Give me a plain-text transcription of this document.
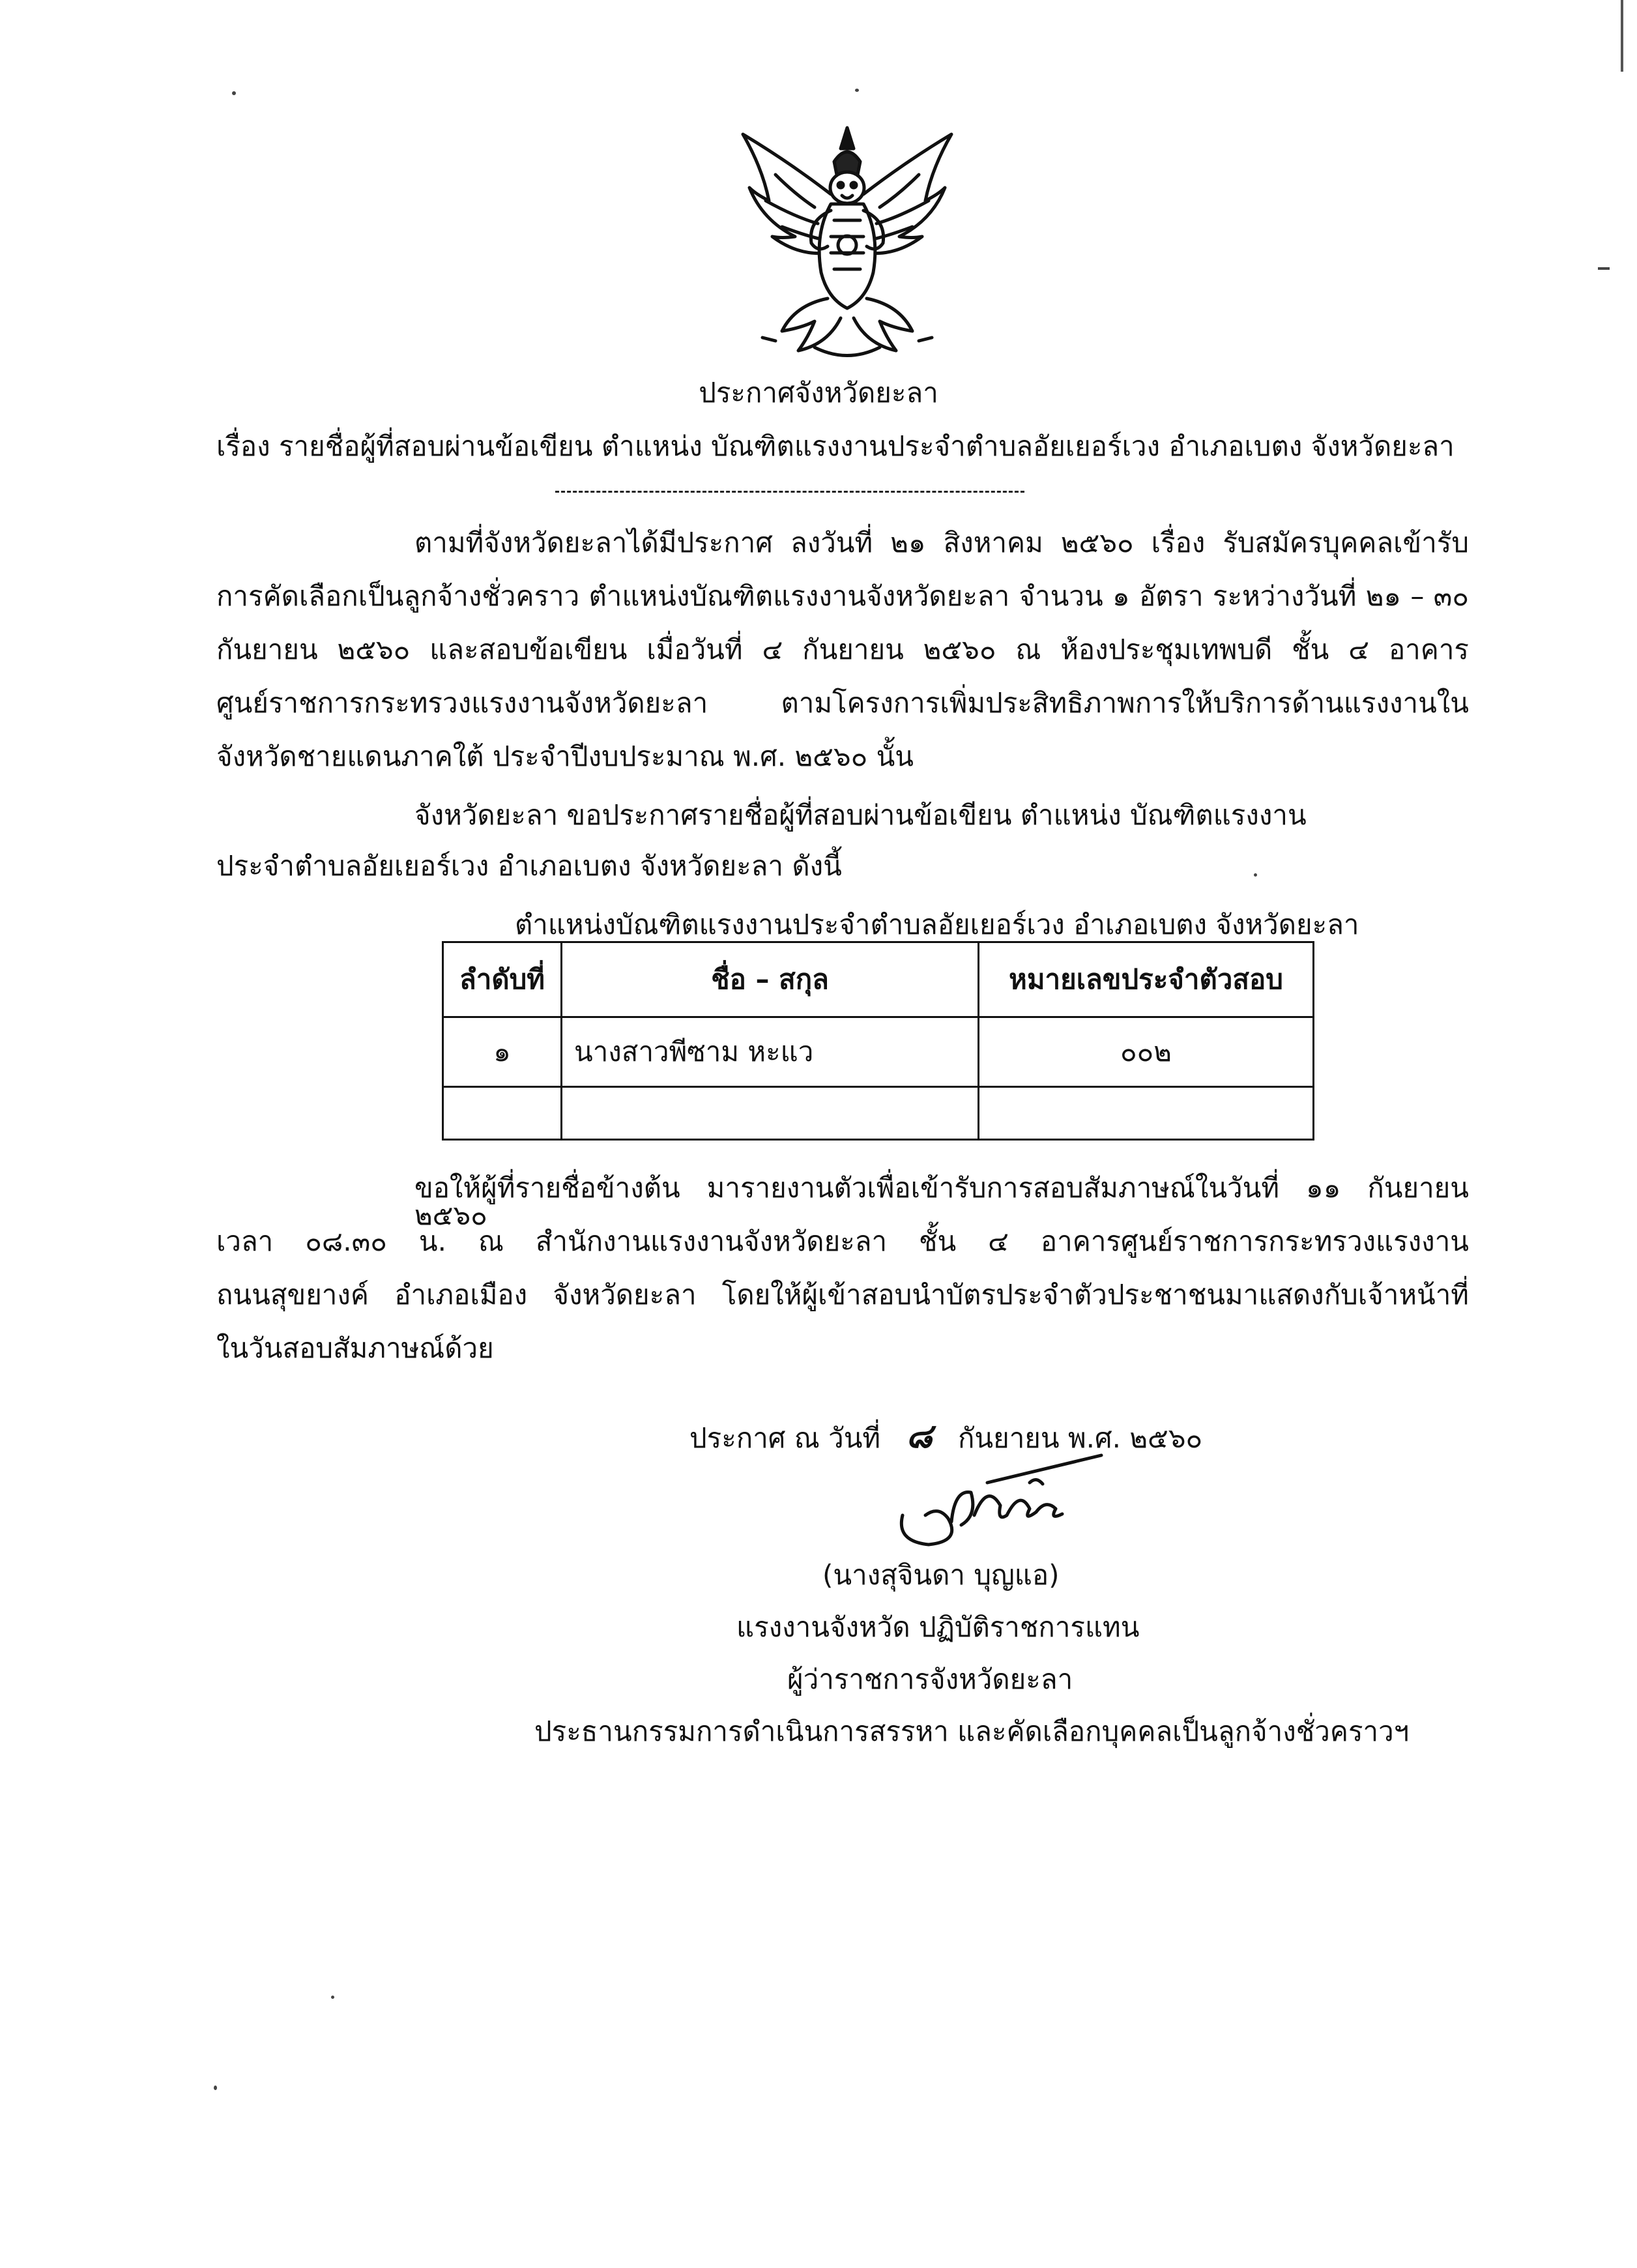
ประกาศจังหวัดยะลา
เรื่อง รายชื่อผู้ที่สอบผ่านข้อเขียน ตำแหน่ง บัณฑิตแรงงานประจำตำบลอัยเยอร์เวง อำเภอเบตง จังหวัดยะลา
ตามที่จังหวัดยะลาได้มีประกาศ ลงวันที่ ๒๑ สิงหาคม ๒๕๖๐ เรื่อง รับสมัครบุคคลเข้ารับ
การคัดเลือกเป็นลูกจ้างชั่วคราว ตำแหน่งบัณฑิตแรงงานจังหวัดยะลา จำนวน ๑ อัตรา ระหว่างวันที่ ๒๑ – ๓๐
กันยายน ๒๕๖๐ และสอบข้อเขียน เมื่อวันที่ ๔ กันยายน ๒๕๖๐ ณ ห้องประชุมเทพบดี ชั้น ๔ อาคาร
ศูนย์ราชการกระทรวงแรงงานจังหวัดยะลา ตามโครงการเพิ่มประสิทธิภาพการให้บริการด้านแรงงานใน
จังหวัดชายแดนภาคใต้ ประจำปีงบประมาณ พ.ศ. ๒๕๖๐ นั้น
จังหวัดยะลา ขอประกาศรายชื่อผู้ที่สอบผ่านข้อเขียน ตำแหน่ง บัณฑิตแรงงาน
ประจำตำบลอัยเยอร์เวง อำเภอเบตง จังหวัดยะลา ดังนี้
ตำแหน่งบัณฑิตแรงงานประจำตำบลอัยเยอร์เวง อำเภอเบตง จังหวัดยะลา
ลำดับที่	ชื่อ – สกุล	หมายเลขประจำตัวสอบ
๑	นางสาวพีซาม หะแว	๐๐๒

ขอให้ผู้ที่รายชื่อข้างต้น มารายงานตัวเพื่อเข้ารับการสอบสัมภาษณ์ในวันที่ ๑๑ กันยายน ๒๕๖๐
เวลา ๐๘.๓๐ น. ณ สำนักงานแรงงานจังหวัดยะลา ชั้น ๔ อาคารศูนย์ราชการกระทรวงแรงงาน
ถนนสุขยางค์ อำเภอเมือง จังหวัดยะลา โดยให้ผู้เข้าสอบนำบัตรประจำตัวประชาชนมาแสดงกับเจ้าหน้าที่
ในวันสอบสัมภาษณ์ด้วย
ประกาศ ณ วันที่ ๘ กันยายน พ.ศ. ๒๕๖๐
(นางสุจินดา บุญแอ)
แรงงานจังหวัด ปฏิบัติราชการแทน
ผู้ว่าราชการจังหวัดยะลา
ประธานกรรมการดำเนินการสรรหา และคัดเลือกบุคคลเป็นลูกจ้างชั่วคราวฯ
